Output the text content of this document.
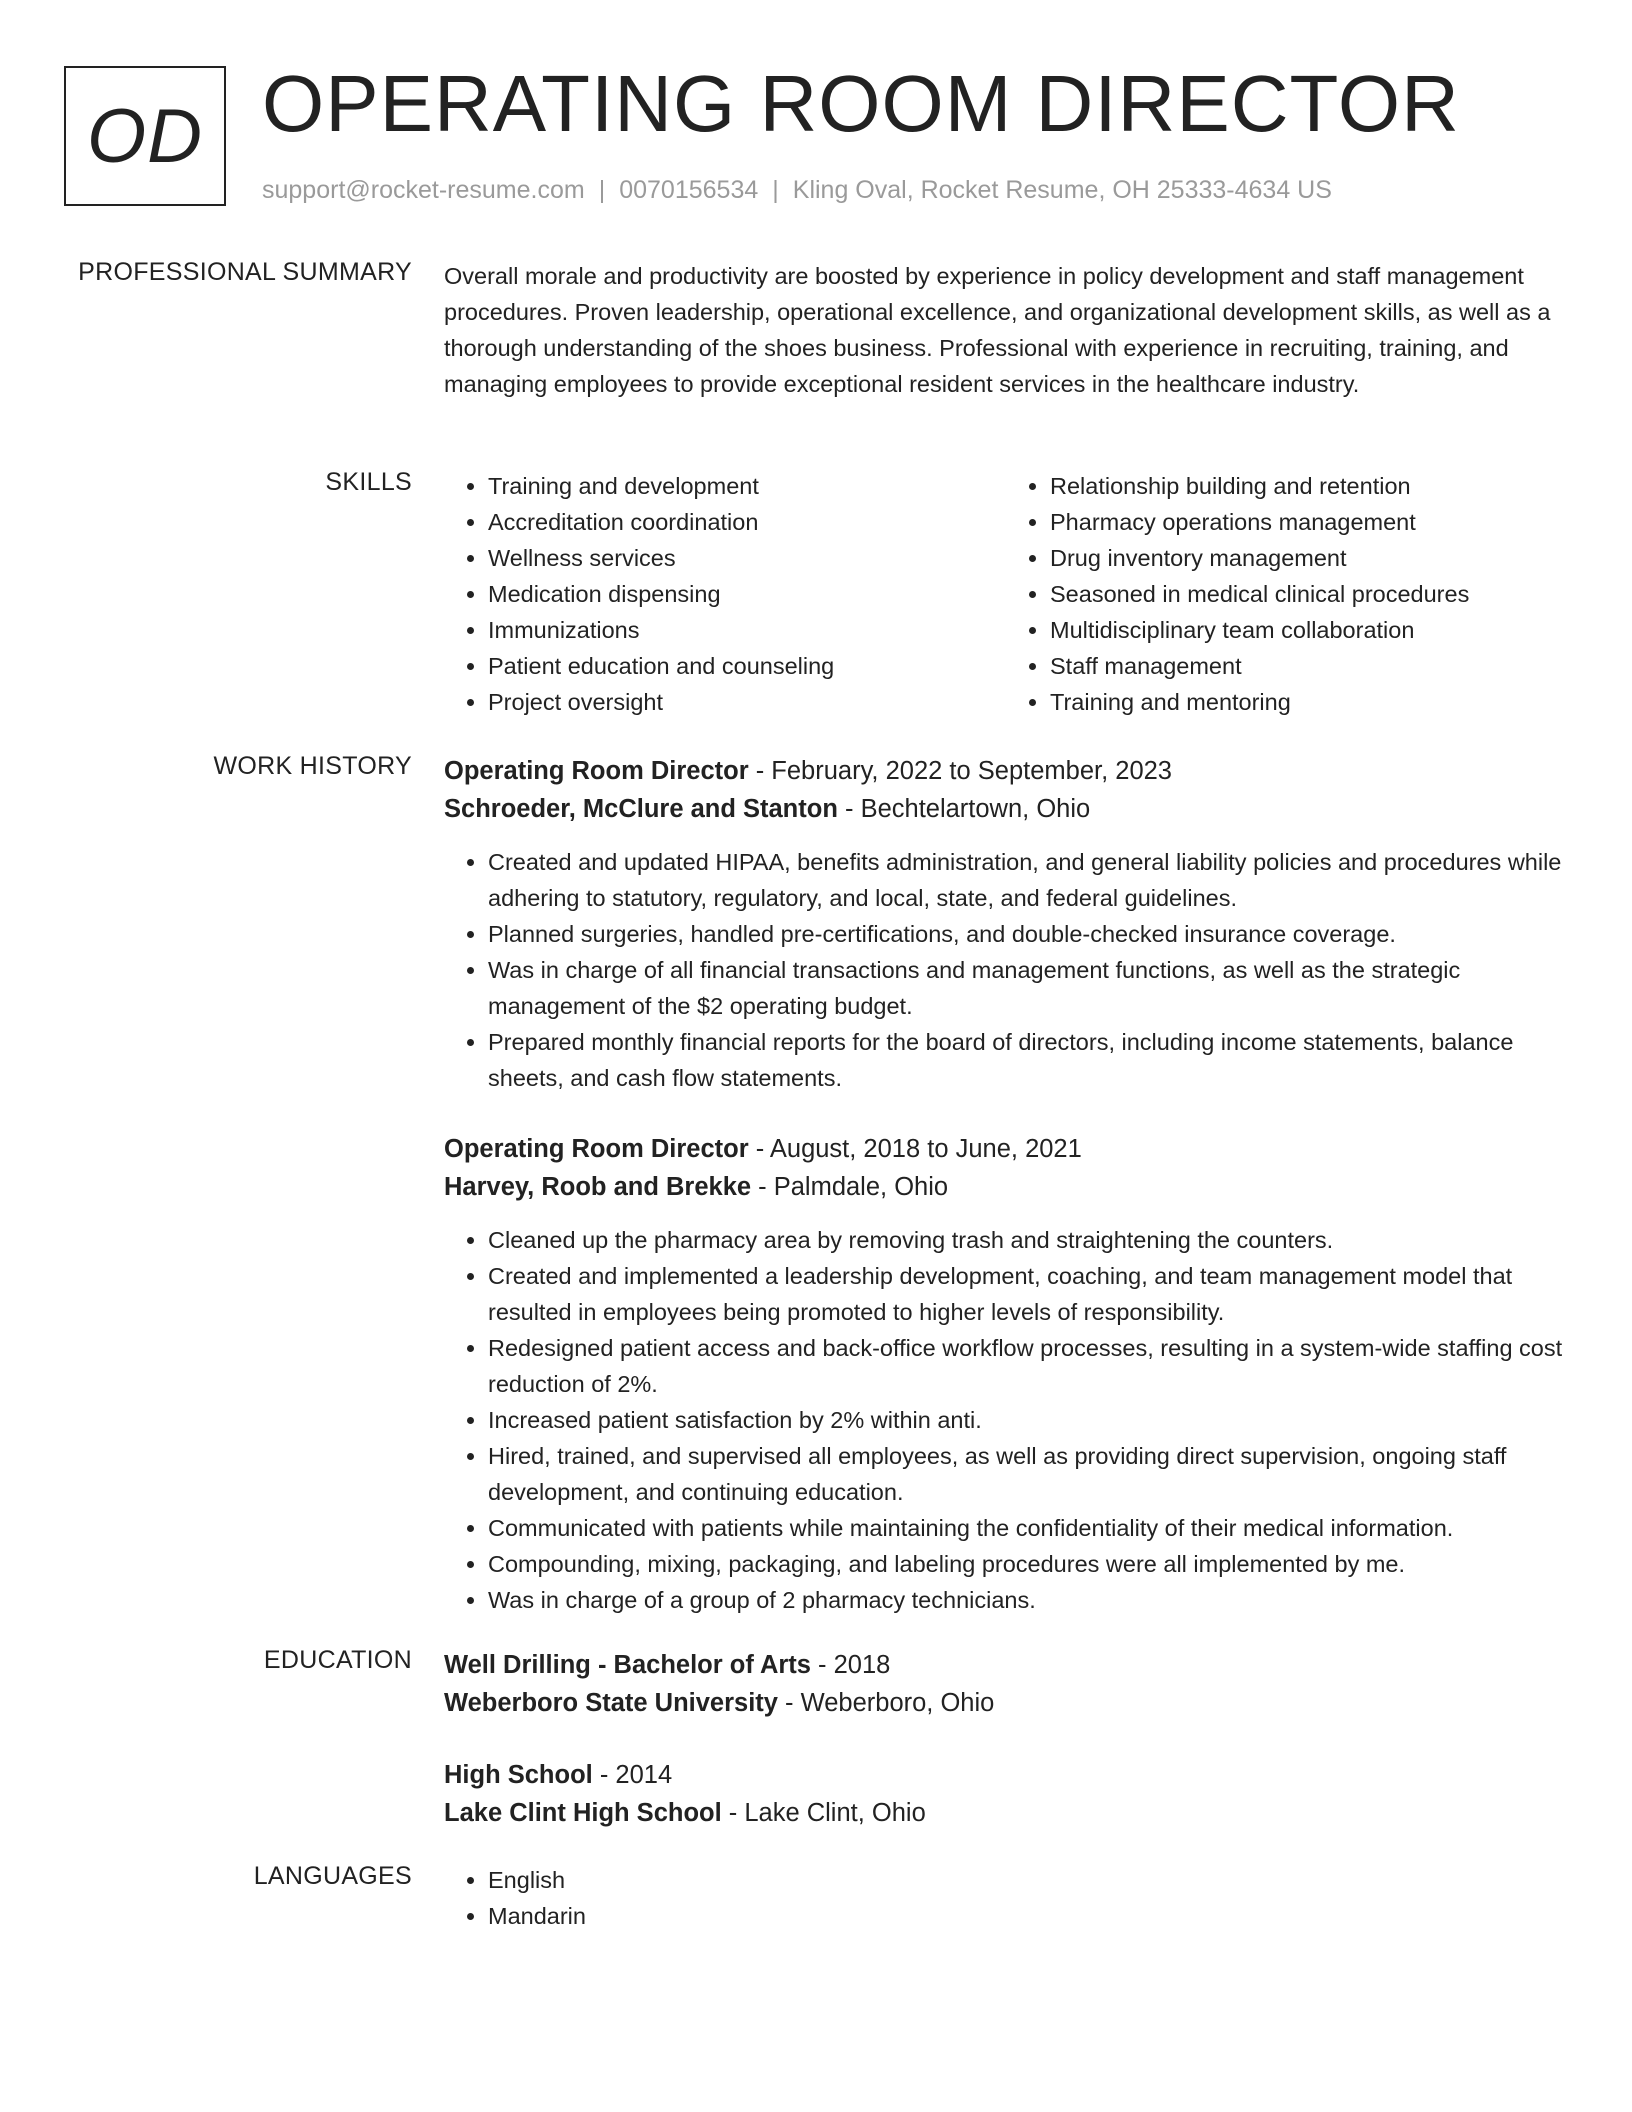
OD OPERATING ROOM DIRECTOR
support@rocket-resume.com | 0070156534 | Kling Oval, Rocket Resume, OH 25333-4634 US
PROFESSIONAL SUMMARY Overall morale and productivity are boosted by experience in policy development and staff management procedures. Proven leadership, operational excellence, and organizational development skills, as well as a thorough understanding of the shoes business. Professional with experience in recruiting, training, and managing employees to provide exceptional resident services in the healthcare industry.
SKILLS	• Training and development
• Accreditation coordination
• Wellness services
• Medication dispensing
• Immunizations
• Patient education and counseling
• Project oversight
• Relationship building and retention
• Pharmacy operations management
• Drug inventory management
• Seasoned in medical clinical procedures
• Multidisciplinary team collaboration
• Staff management
• Training and mentoring
WORK HISTORY Operating Room Director - February, 2022 to September, 2023
Schroeder, McClure and Stanton - Bechtelartown, Ohio
• Created and updated HIPAA, benefits administration, and general liability policies and procedures while adhering to statutory, regulatory, and local, state, and federal guidelines.
• Planned surgeries, handled pre-certifications, and double-checked insurance coverage.
• Was in charge of all financial transactions and management functions, as well as the strategic management of the $2 operating budget.
• Prepared monthly financial reports for the board of directors, including income statements, balance sheets, and cash flow statements.
Operating Room Director - August, 2018 to June, 2021
Harvey, Roob and Brekke - Palmdale, Ohio
• Cleaned up the pharmacy area by removing trash and straightening the counters.
• Created and implemented a leadership development, coaching, and team management model that resulted in employees being promoted to higher levels of responsibility.
• Redesigned patient access and back-office workflow processes, resulting in a system-wide staffing cost reduction of 2%.
• Increased patient satisfaction by 2% within anti.
• Hired, trained, and supervised all employees, as well as providing direct supervision, ongoing staff development, and continuing education.
• Communicated with patients while maintaining the confidentiality of their medical information.
• Compounding, mixing, packaging, and labeling procedures were all implemented by me.
• Was in charge of a group of 2 pharmacy technicians.
EDUCATION Well Drilling - Bachelor of Arts - 2018
Weberboro State University - Weberboro, Ohio
High School - 2014
Lake Clint High School - Lake Clint, Ohio
LANGUAGES	• English
• Mandarin
